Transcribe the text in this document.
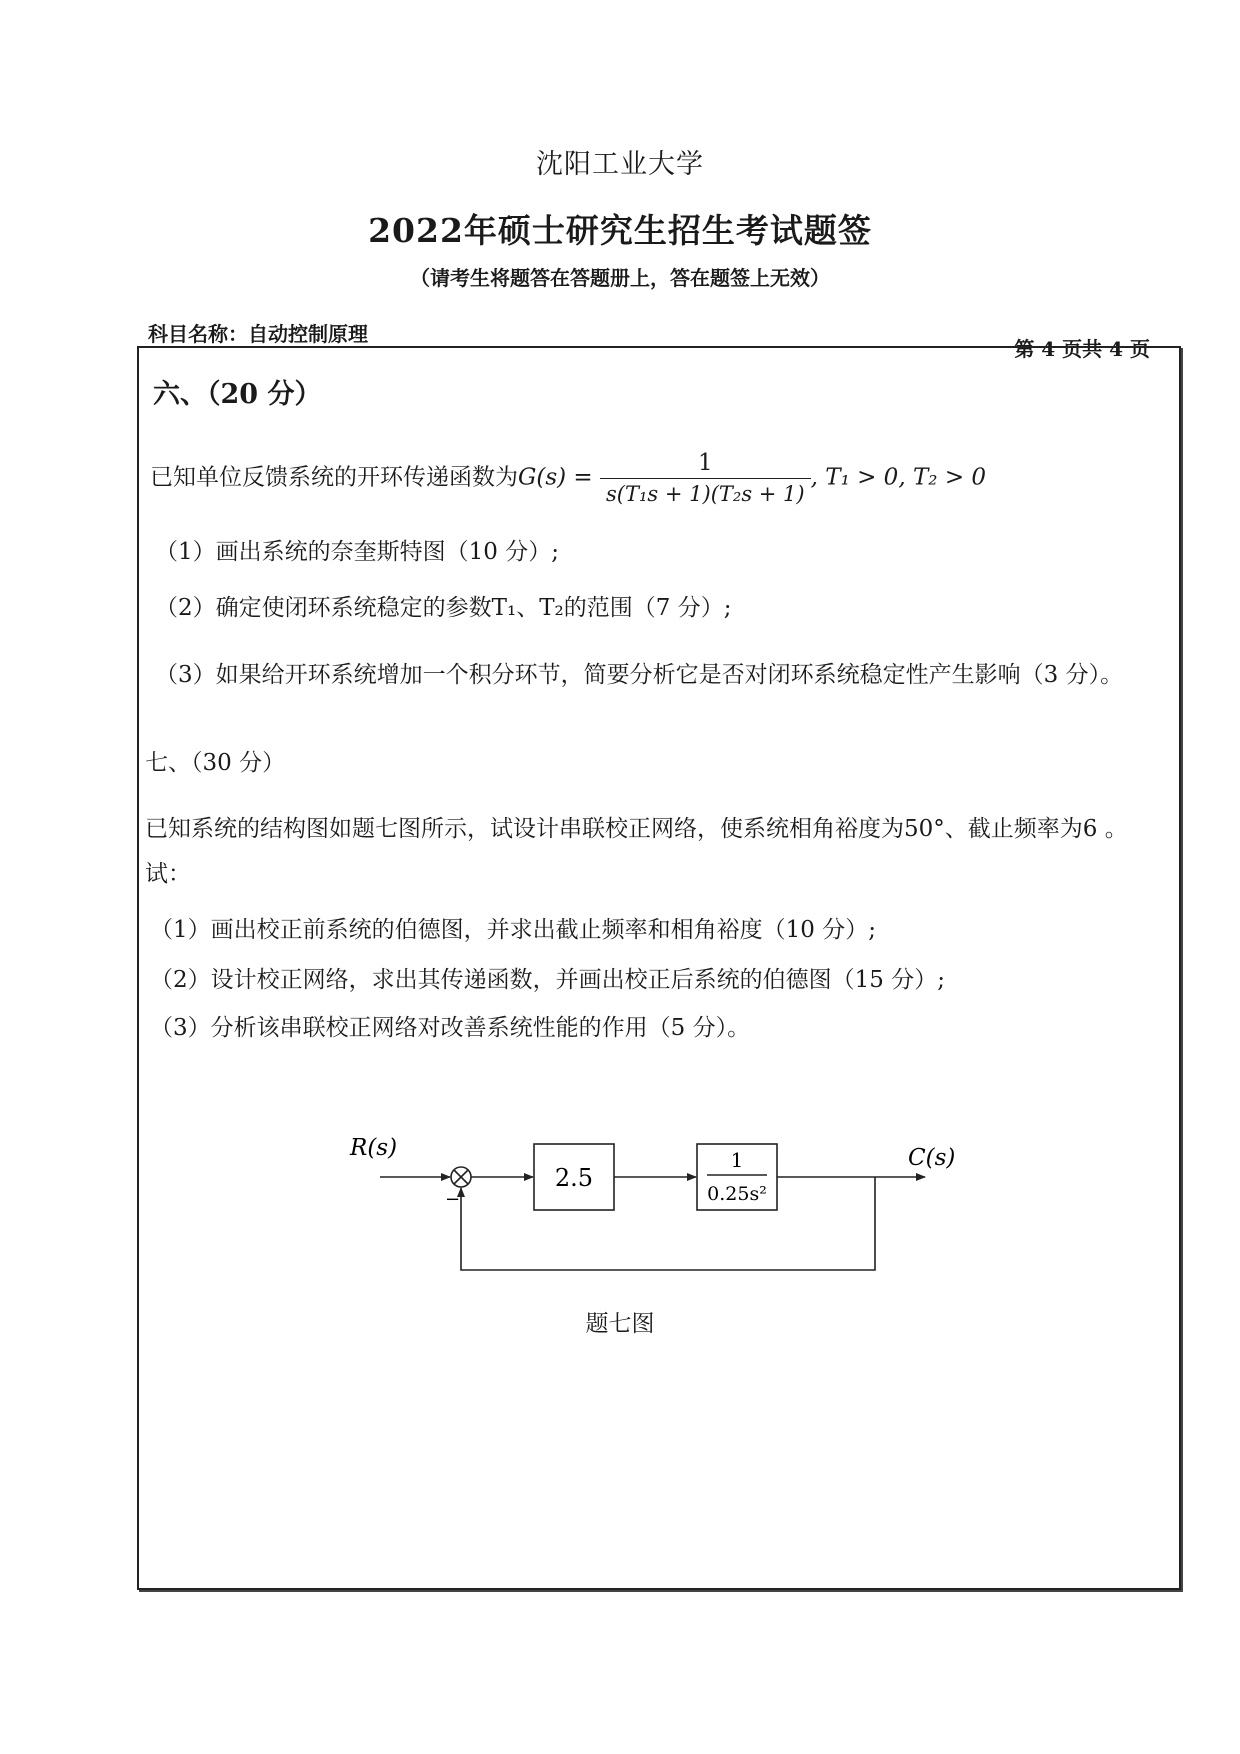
沈阳工业大学
2022年硕士研究生招生考试题签
（请考生将题答在答题册上，答在题签上无效）
科目名称：自动控制原理
第 4 页共 4 页
六、（20 分）
已知单位反馈系统的开环传递函数为$G(s) = \frac{1}{\text{s(T₁s + 1)(T₂s + 1)}}$ , T₁ > 0, T₂ > 0
（1）画出系统的奈奎斯特图（10 分）;
（2）确定使闭环系统稳定的参数T₁、T₂的范围（7 分）;
（3）如果给开环系统增加一个积分环节，简要分析它是否对闭环系统稳定性产生影响（3 分）。
七、（30 分）
已知系统的结构图如题七图所示，试设计串联校正网络，使系统相角裕度为50°、截止频率为6 。
试：
（1）画出校正前系统的伯德图，并求出截止频率和相角裕度（10 分）;
（2）设计校正网络，求出其传递函数，并画出校正后系统的伯德图（15 分）;
（3）分析该串联校正网络对改善系统性能的作用（5 分）。
R(s)
−
2.5
1
0.25s²
C(s)
题七图
